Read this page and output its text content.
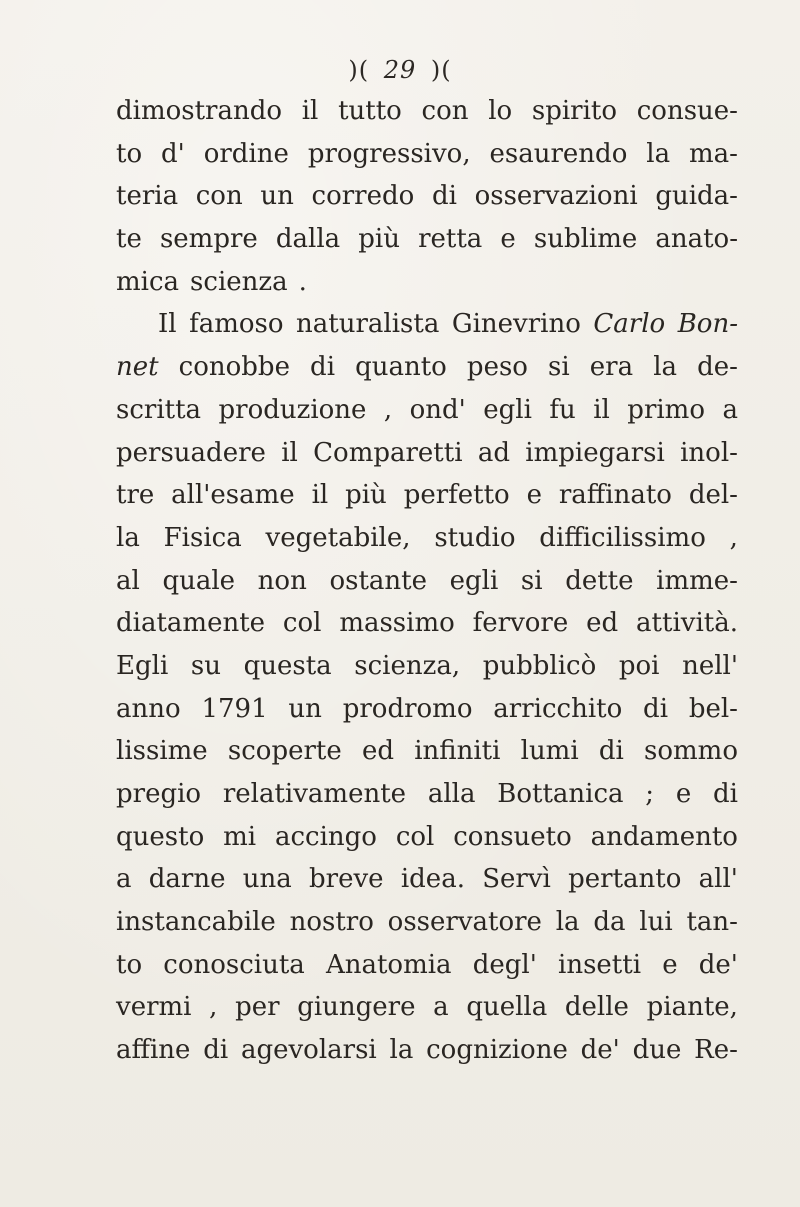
)( 29 )(
dimostrando il tutto con lo spirito consue-
to d' ordine progressivo, esaurendo la ma-
teria con un corredo di osservazioni guida-
te sempre dalla più retta e sublime anato-
mica scienza .
Il famoso naturalista Ginevrino Carlo Bon-
net conobbe di quanto peso si era la de-
scritta produzione , ond' egli fu il primo a
persuadere il Comparetti ad impiegarsi inol-
tre all'esame il più perfetto e raffinato del-
la Fisica vegetabile, studio difficilissimo ,
al quale non ostante egli si dette imme-
diatamente col massimo fervore ed attività.
Egli su questa scienza, pubblicò poi nell'
anno 1791 un prodromo arricchito di bel-
lissime scoperte ed infiniti lumi di sommo
pregio relativamente alla Bottanica ; e di
questo mi accingo col consueto andamento
a darne una breve idea. Servì pertanto all'
instancabile nostro osservatore la da lui tan-
to conosciuta Anatomia degl' insetti e de'
vermi , per giungere a quella delle piante,
affine di agevolarsi la cognizione de' due Re-
